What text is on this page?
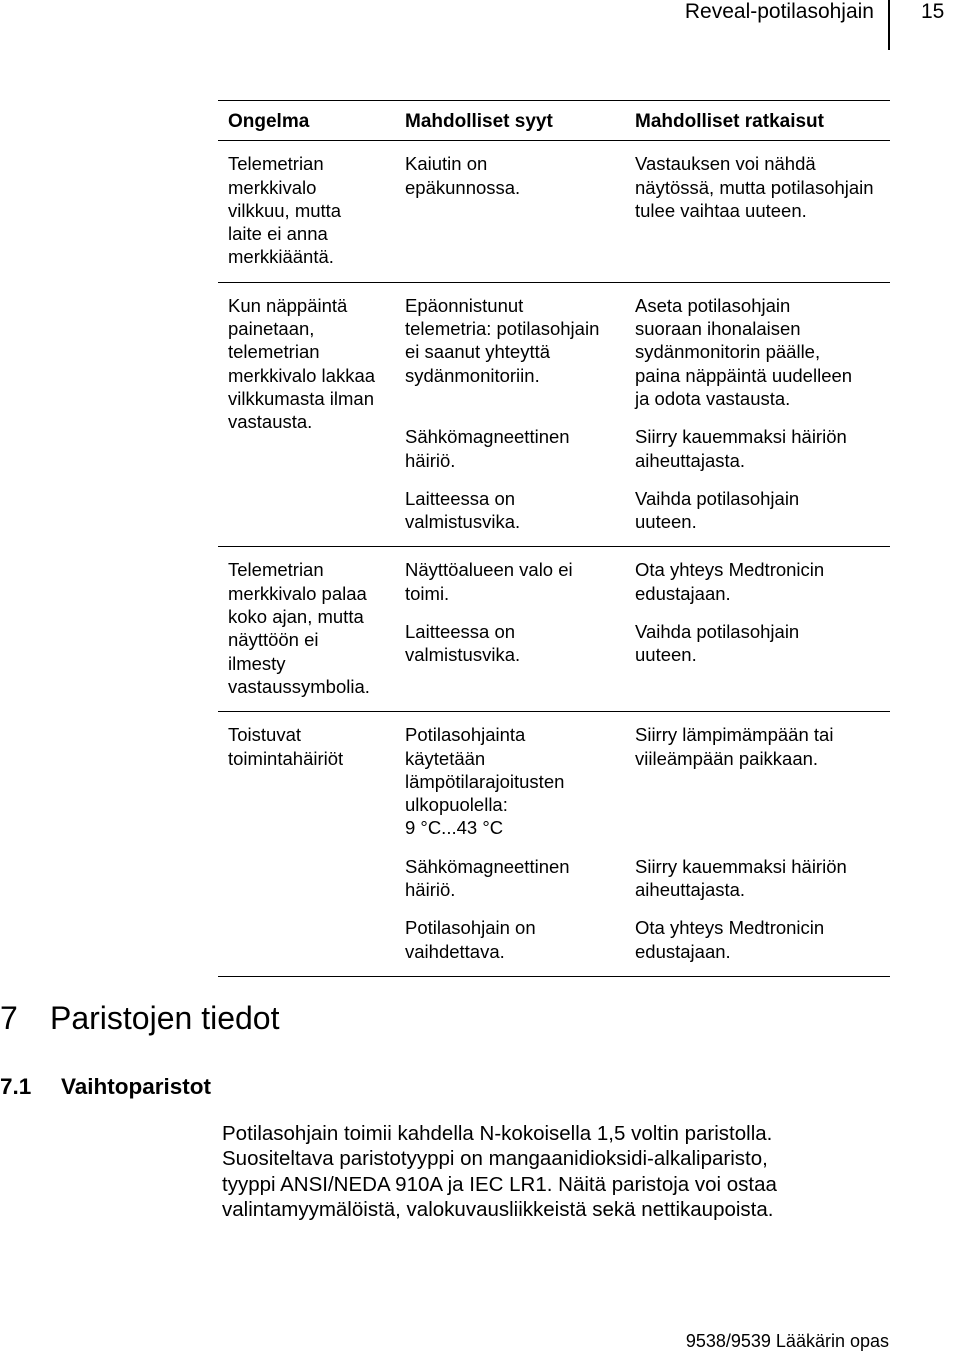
Reveal-potilasohjain 15
Ongelma	Mahdolliset syyt	Mahdolliset ratkaisut
Telemetrian
merkkivalo
vilkkuu, mutta
laite ei anna
merkkiääntä.
Kaiutin on
epäkunnossa.
Vastauksen voi nähdä
näytössä, mutta potilasohjain
tulee vaihtaa uuteen.
Kun näppäintä
painetaan,
telemetrian
merkkivalo lakkaa
vilkkumasta ilman
vastausta.
Epäonnistunut
telemetria: potilasohjain
ei saanut yhteyttä
sydänmonitoriin.
Aseta potilasohjain
suoraan ihonalaisen
sydänmonitorin päälle,
paina näppäintä uudelleen
ja odota vastausta.
Sähkömagneettinen
häiriö.
Siirry kauemmaksi häiriön
aiheuttajasta.
Laitteessa on
valmistusvika.
Vaihda potilasohjain
uuteen.
Telemetrian
merkkivalo palaa
koko ajan, mutta
näyttöön ei
ilmesty
vastaussymbolia.
Näyttöalueen valo ei
toimi.
Ota yhteys Medtronicin
edustajaan.
Laitteessa on
valmistusvika.
Vaihda potilasohjain
uuteen.
Toistuvat
toimintahäiriöt
Potilasohjainta
käytetään
lämpötilarajoitusten
ulkopuolella:
9 °C...43 °C
Siirry lämpimämpään tai
viileämpään paikkaan.
Sähkömagneettinen
häiriö.
Siirry kauemmaksi häiriön
aiheuttajasta.
Potilasohjain on
vaihdettava.
Ota yhteys Medtronicin
edustajaan.
7 Paristojen tiedot
7.1 Vaihtoparistot
Potilasohjain toimii kahdella N-kokoisella 1,5 voltin paristolla.
Suositeltava paristotyyppi on mangaanidioksidi-alkaliparisto,
tyyppi ANSI/NEDA 910A ja IEC LR1. Näitä paristoja voi ostaa
valintamyymälöistä, valokuvausliikkeistä sekä nettikaupoista.
9538/9539 Lääkärin opas
